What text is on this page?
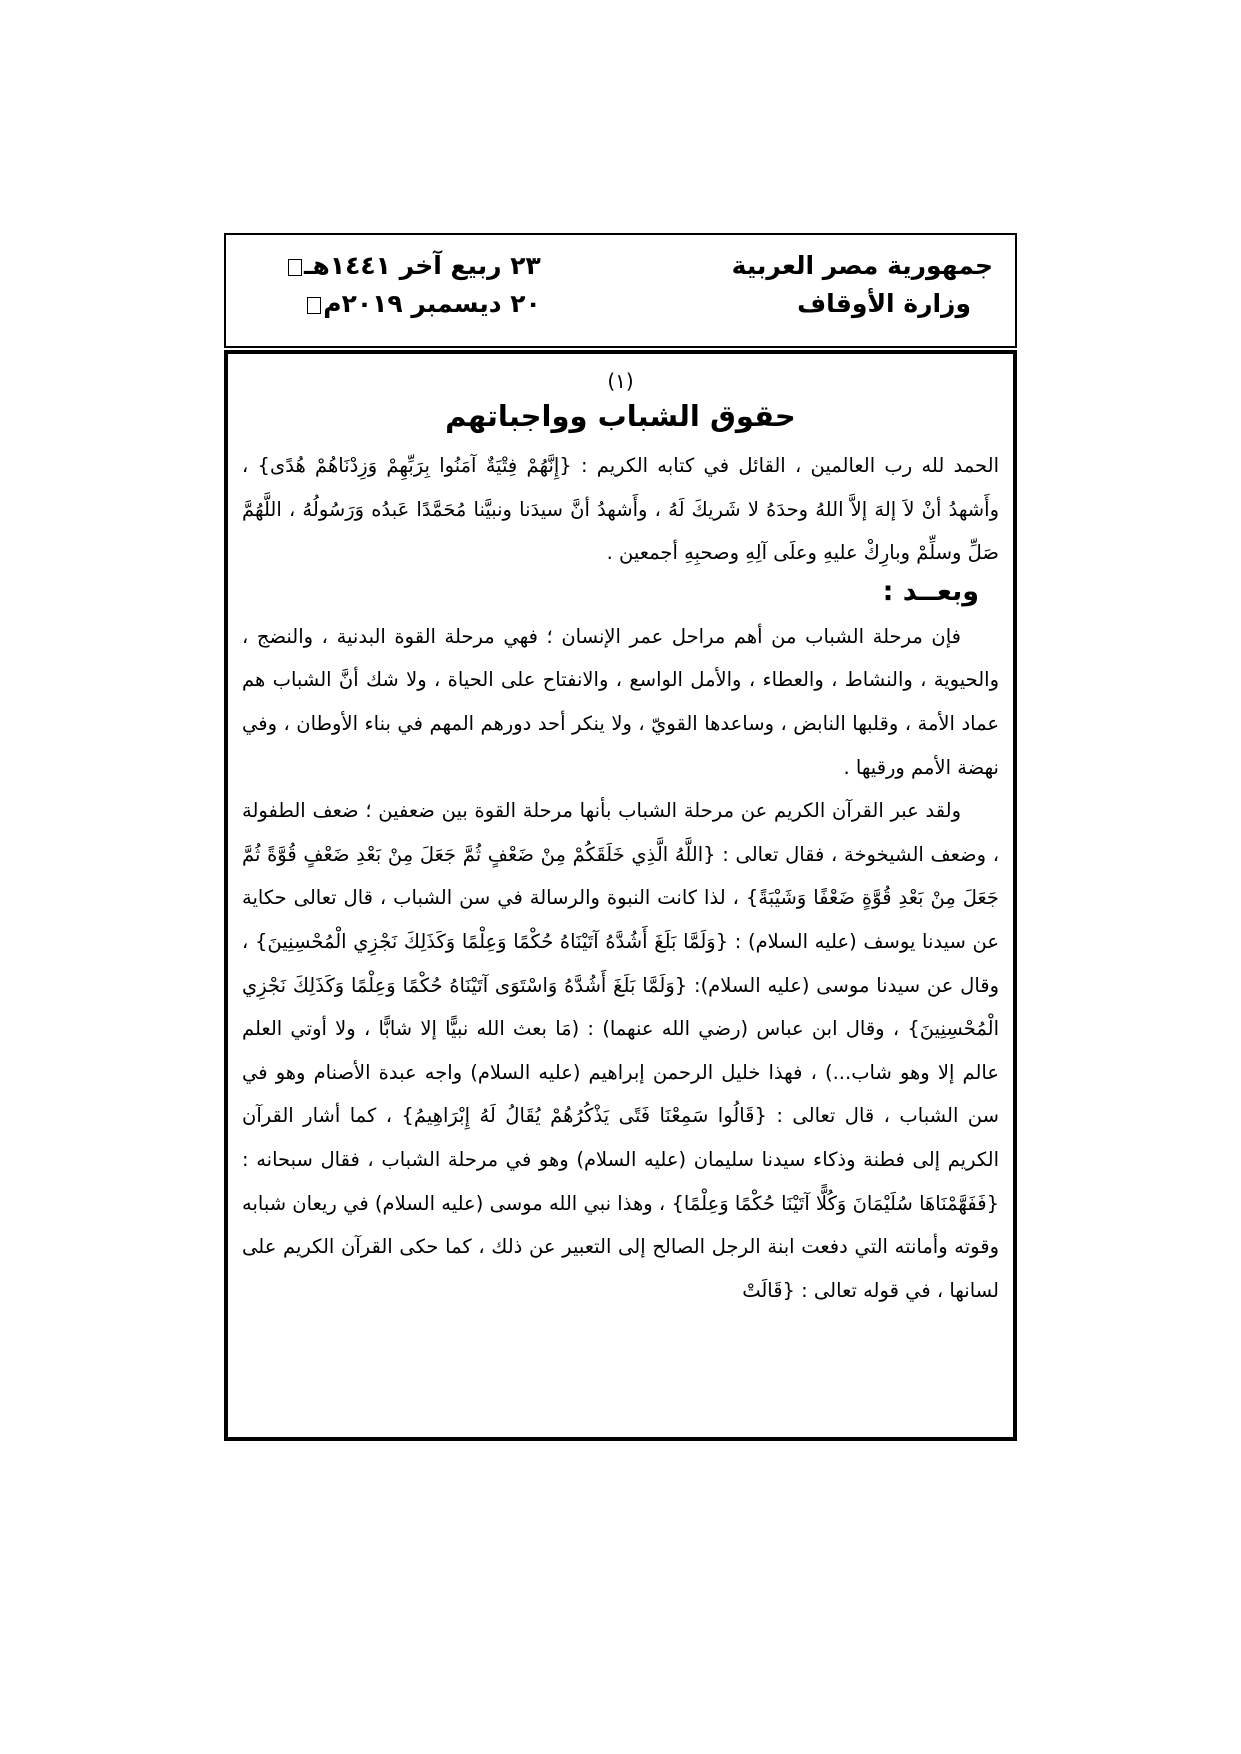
جمهورية مصر العربية
وزارة الأوقاف
٢٣ ربيع آخر ١٤٤١هـ
٢٠ ديسمبر ٢٠١٩م

(١)

حقوق الشباب وواجباتهم

الحمد لله رب العالمين ، القائل في كتابه الكريم : {إِنَّهُمْ فِتْيَةٌ آمَنُوا بِرَبِّهِمْ وَزِدْنَاهُمْ هُدًى} ، وأَشهدُ أنْ لاَ إلهَ إلاَّ اللهُ وحدَهُ لا شَريكَ لَهُ ، وأَشهدُ أنَّ سيدَنا ونبيَّنا مُحَمَّدًا عَبدُه وَرَسُولُهُ ، اللَّهُمَّ صَلِّ وسلِّمْ وبارِكْ عليهِ وعلَى آلِهِ وصحبِهِ أجمعين .

وبعــد :

فإن مرحلة الشباب من أهم مراحل عمر الإنسان ؛ فهي مرحلة القوة البدنية ، والنضج ، والحيوية ، والنشاط ، والعطاء ، والأمل الواسع ، والانفتاح على الحياة ، ولا شك أنَّ الشباب هم عماد الأمة ، وقلبها النابض ، وساعدها القويّ ، ولا ينكر أحد دورهم المهم في بناء الأوطان ، وفي نهضة الأمم ورقيها .

ولقد عبر القرآن الكريم عن مرحلة الشباب بأنها مرحلة القوة بين ضعفين ؛ ضعف الطفولة ، وضعف الشيخوخة ، فقال تعالى : {اللَّهُ الَّذِي خَلَقَكُمْ مِنْ ضَعْفٍ ثُمَّ جَعَلَ مِنْ بَعْدِ ضَعْفٍ قُوَّةً ثُمَّ جَعَلَ مِنْ بَعْدِ قُوَّةٍ ضَعْفًا وَشَيْبَةً} ، لذا كانت النبوة والرسالة في سن الشباب ، قال تعالى حكاية عن سيدنا يوسف (عليه السلام) : {وَلَمَّا بَلَغَ أَشُدَّهُ آتَيْنَاهُ حُكْمًا وَعِلْمًا وَكَذَلِكَ نَجْزِي الْمُحْسِنِينَ} ، وقال عن سيدنا موسى (عليه السلام): {وَلَمَّا بَلَغَ أَشُدَّهُ وَاسْتَوَى آتَيْنَاهُ حُكْمًا وَعِلْمًا وَكَذَلِكَ نَجْزِي الْمُحْسِنِينَ} ، وقال ابن عباس (رضي الله عنهما) : (مَا بعث الله نبيًّا إلا شابًّا ، ولا أوتي العلم عالم إلا وهو شاب...) ، فهذا خليل الرحمن إبراهيم (عليه السلام) واجه عبدة الأصنام وهو في سن الشباب ، قال تعالى : {قَالُوا سَمِعْنَا فَتًى يَذْكُرُهُمْ يُقَالُ لَهُ إِبْرَاهِيمُ} ، كما أشار القرآن الكريم إلى فطنة وذكاء سيدنا سليمان (عليه السلام) وهو في مرحلة الشباب ، فقال سبحانه : {فَفَهَّمْنَاهَا سُلَيْمَانَ وَكُلًّا آتَيْنَا حُكْمًا وَعِلْمًا} ، وهذا نبي الله موسى (عليه السلام) في ريعان شبابه وقوته وأمانته التي دفعت ابنة الرجل الصالح إلى التعبير عن ذلك ، كما حكى القرآن الكريم على لسانها ، في قوله تعالى : {قَالَتْ
